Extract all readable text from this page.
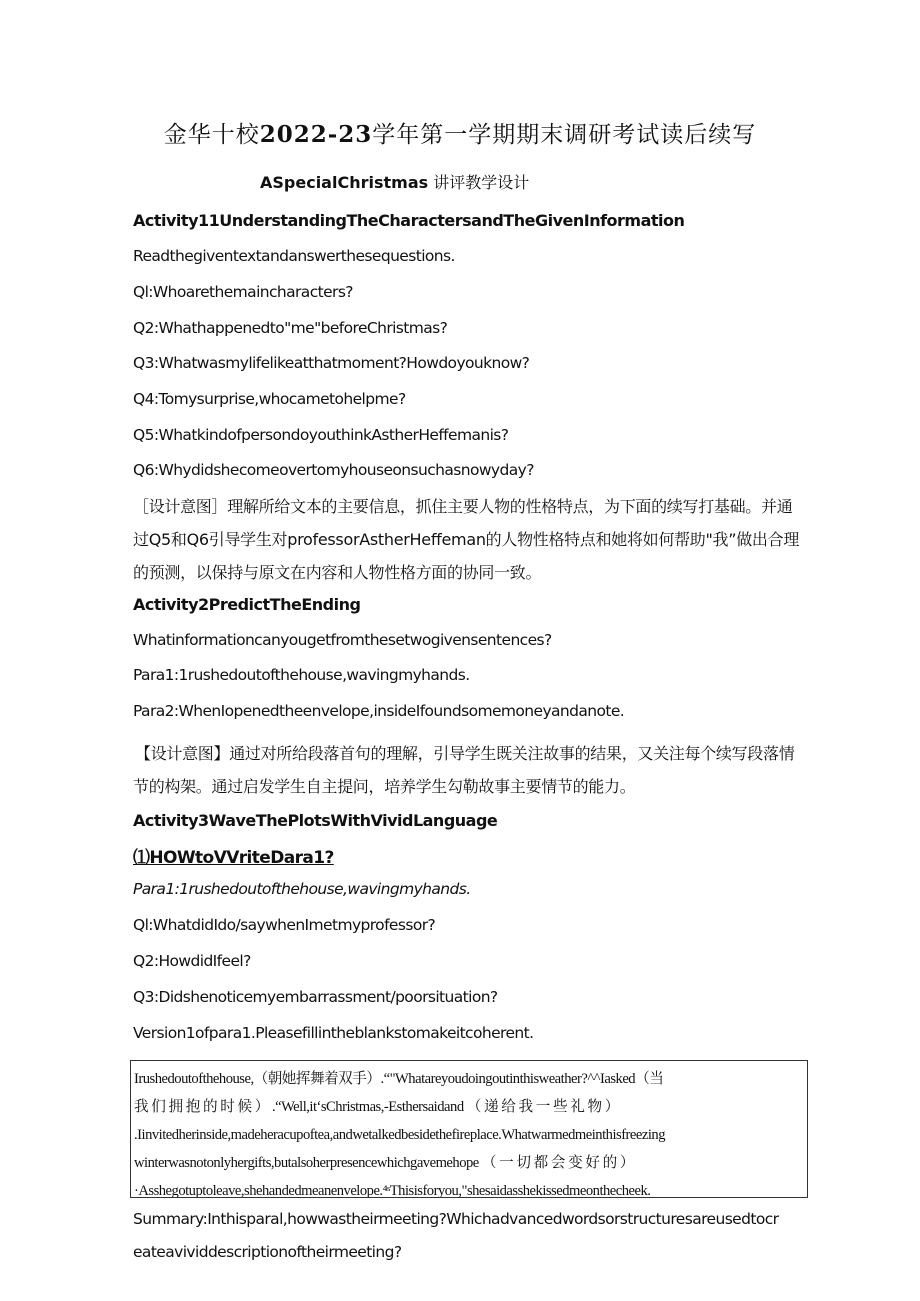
金华十校2022-23学年第一学期期末调研考试读后续写
ASpecialChristmas 讲评教学设计
Activity11UnderstandingTheCharactersandTheGivenInformation
Readthegiventextandanswerthesequestions.
Ql:Whoarethemaincharacters?
Q2:Whathappenedto"me"beforeChristmas?
Q3:Whatwasmylifelikeatthatmoment?Howdoyouknow?
Q4:Tomysurprise,whocametohelpme?
Q5:WhatkindofpersondoyouthinkAstherHeffemanis?
Q6:Whydidshecomeovertomyhouseonsuchasnowyday?
［设计意图］理解所给文本的主要信息，抓住主要人物的性格特点，为下面的续写打基础。并通过Q5和Q6引导学生对professorAstherHeffeman的人物性格特点和她将如何帮助"我”做出合理的预测，以保持与原文在内容和人物性格方面的协同一致。
Activity2PredictTheEnding
Whatinformationcanyougetfromthesetwogivensentences?
Para1:1rushedoutofthehouse,wavingmyhands.
Para2:WhenIopenedtheenvelope,insideIfoundsomemoneyandanote.
【设计意图】通过对所给段落首句的理解，引导学生既关注故事的结果，又关注每个续写段落情节的构架。通过启发学生自主提问，培养学生勾勒故事主要情节的能力。
Activity3WaveThePlotsWithVividLanguage
⑴HOWtoVVriteDara1?
Para1:1rushedoutofthehouse,wavingmyhands.
Ql:WhatdidIdo/saywhenImetmyprofessor?
Q2:HowdidIfeel?
Q3:Didshenoticemyembarrassment/poorsituation?
Version1ofpara1.Pleasefillintheblankstomakeitcoherent.
Irushedoutofthehouse,（朝她挥舞着双手）.“"Whatareyoudoingoutinthisweather?^^Iasked（当
我 们 拥 抱 的 时 候 ） .“Well,it‘sChristmas,-Esthersaidand （ 递 给 我 一 些 礼 物 ）
.Iinvitedherinside,madeheracupoftea,andwetalkedbesidethefireplace.Whatwarmedmeinthisfreezing
winterwasnotonlyhergifts,butalsoherpresencewhichgavemehope （ 一 切 都 会 变 好 的 ）
·Asshegotuptoleave,shehandedmeanenvelope.⁴ˢThisisforyou,"shesaidasshekissedmeonthecheek.
Summary:Inthisparal,howwastheirmeeting?Whichadvancedwordsorstructuresareusedtocr
eateavividdescriptionoftheirmeeting?
